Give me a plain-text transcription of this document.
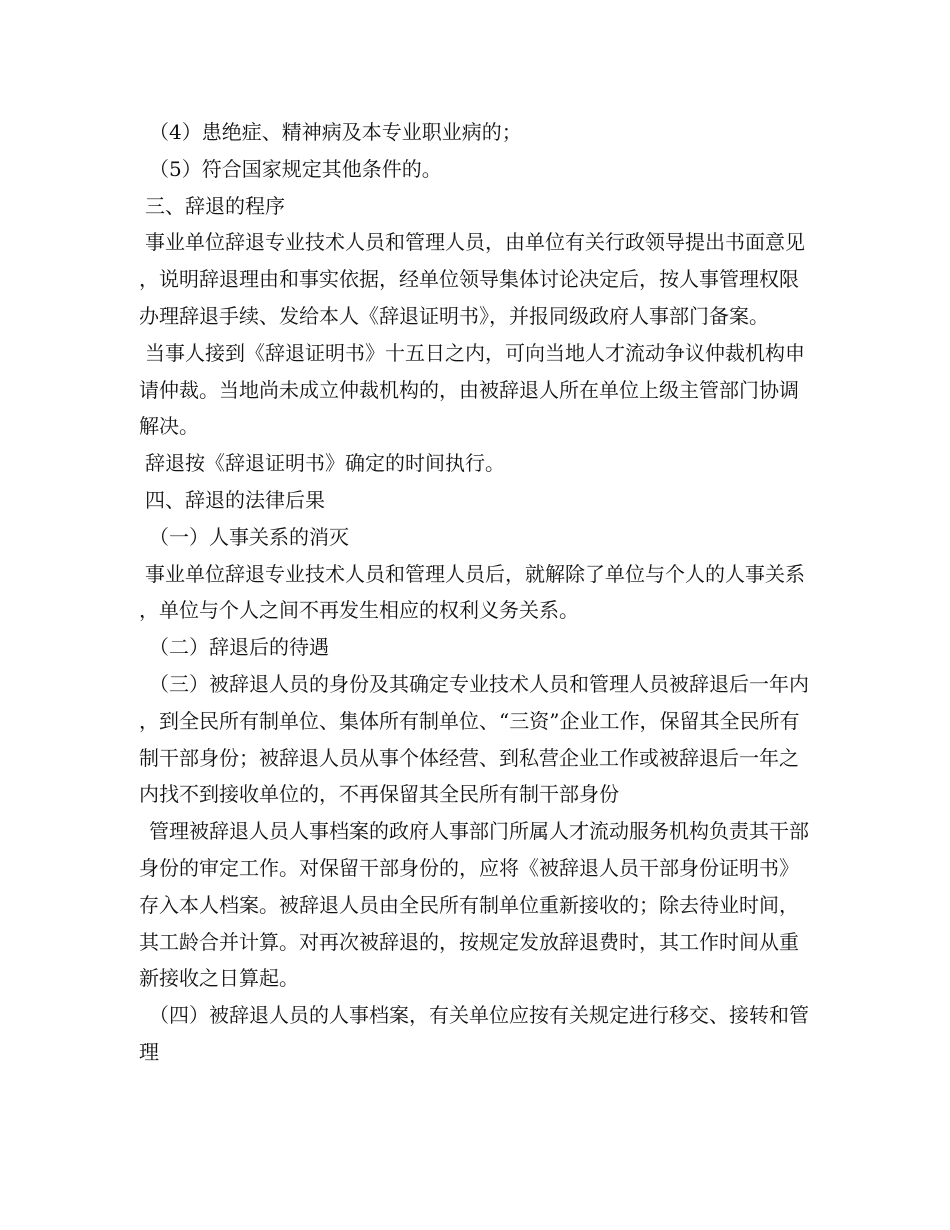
（4）患绝症、精神病及本专业职业病的；

（5）符合国家规定其他条件的。

三、辞退的程序

事业单位辞退专业技术人员和管理人员，由单位有关行政领导提出书面意见，说明辞退理由和事实依据，经单位领导集体讨论决定后，按人事管理权限办理辞退手续、发给本人《辞退证明书》，并报同级政府人事部门备案。

当事人接到《辞退证明书》十五日之内，可向当地人才流动争议仲裁机构申请仲裁。当地尚未成立仲裁机构的，由被辞退人所在单位上级主管部门协调解决。

辞退按《辞退证明书》确定的时间执行。

四、辞退的法律后果

（一）人事关系的消灭

事业单位辞退专业技术人员和管理人员后，就解除了单位与个人的人事关系，单位与个人之间不再发生相应的权利义务关系。

（二）辞退后的待遇

（三）被辞退人员的身份及其确定专业技术人员和管理人员被辞退后一年内，到全民所有制单位、集体所有制单位、“三资”企业工作，保留其全民所有制干部身份；被辞退人员从事个体经营、到私营企业工作或被辞退后一年之内找不到接收单位的，不再保留其全民所有制干部身份

管理被辞退人员人事档案的政府人事部门所属人才流动服务机构负责其干部身份的审定工作。对保留干部身份的，应将《被辞退人员干部身份证明书》存入本人档案。被辞退人员由全民所有制单位重新接收的；除去待业时间，其工龄合并计算。对再次被辞退的，按规定发放辞退费时，其工作时间从重新接收之日算起。

（四）被辞退人员的人事档案，有关单位应按有关规定进行移交、接转和管理
